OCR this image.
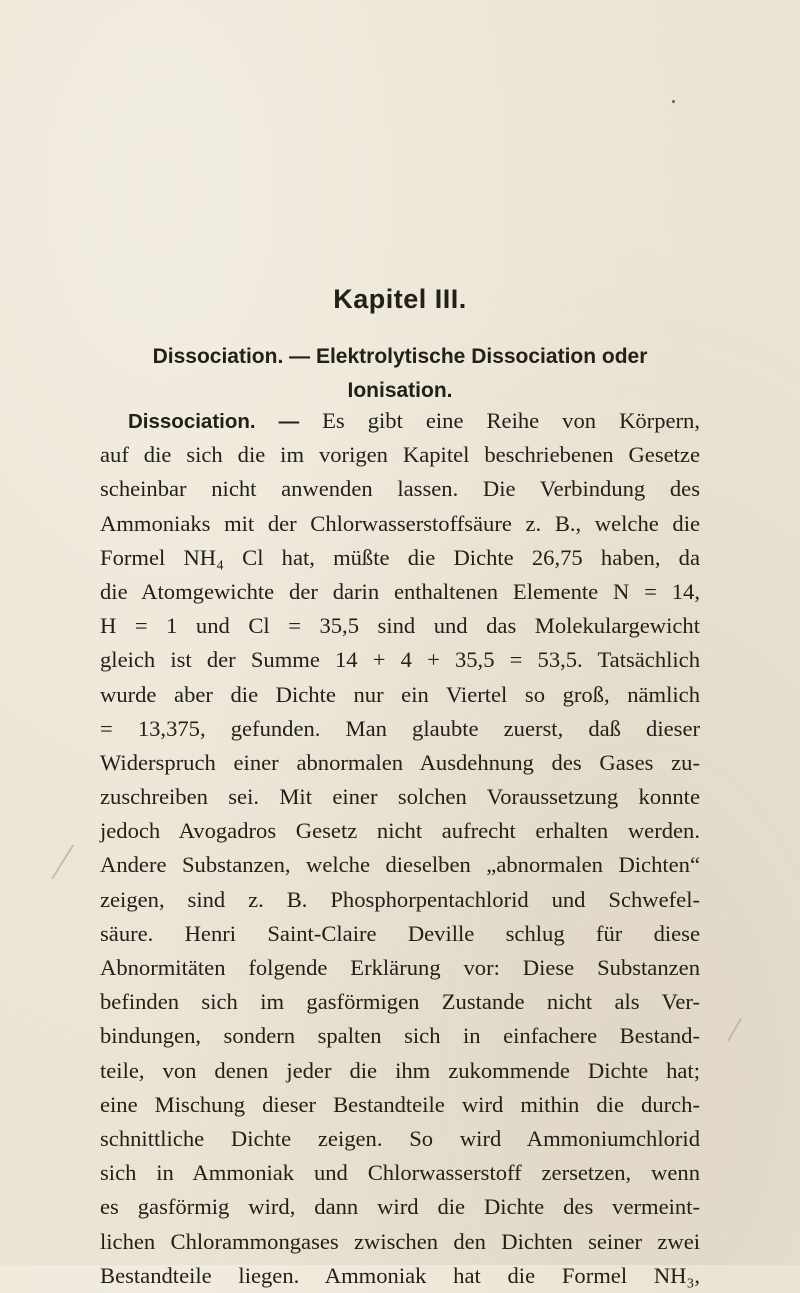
Kapitel III.
Dissociation. — Elektrolytische Dissociation oder
Ionisation.
Dissociation. — Es gibt eine Reihe von Körpern,
auf die sich die im vorigen Kapitel beschriebenen Gesetze
scheinbar nicht anwenden lassen. Die Verbindung des
Ammoniaks mit der Chlorwasserstoffsäure z. B., welche die
Formel NH₄ Cl hat, müßte die Dichte 26,75 haben, da
die Atomgewichte der darin enthaltenen Elemente N = 14,
H = 1 und Cl = 35,5 sind und das Molekulargewicht
gleich ist der Summe 14 + 4 + 35,5 = 53,5. Tatsächlich
wurde aber die Dichte nur ein Viertel so groß, nämlich
= 13,375, gefunden. Man glaubte zuerst, daß dieser
Widerspruch einer abnormalen Ausdehnung des Gases zu-
zuschreiben sei. Mit einer solchen Voraussetzung konnte
jedoch Avogadros Gesetz nicht aufrecht erhalten werden.
Andere Substanzen, welche dieselben „abnormalen Dichten“
zeigen, sind z. B. Phosphorpentachlorid und Schwefel-
säure. Henri Saint-Claire Deville schlug für diese
Abnormitäten folgende Erklärung vor: Diese Substanzen
befinden sich im gasförmigen Zustande nicht als Ver-
bindungen, sondern spalten sich in einfachere Bestand-
teile, von denen jeder die ihm zukommende Dichte hat;
eine Mischung dieser Bestandteile wird mithin die durch-
schnittliche Dichte zeigen. So wird Ammoniumchlorid
sich in Ammoniak und Chlorwasserstoff zersetzen, wenn
es gasförmig wird, dann wird die Dichte des vermeint-
lichen Chlorammongases zwischen den Dichten seiner zwei
Bestandteile liegen. Ammoniak hat die Formel NH₃,
